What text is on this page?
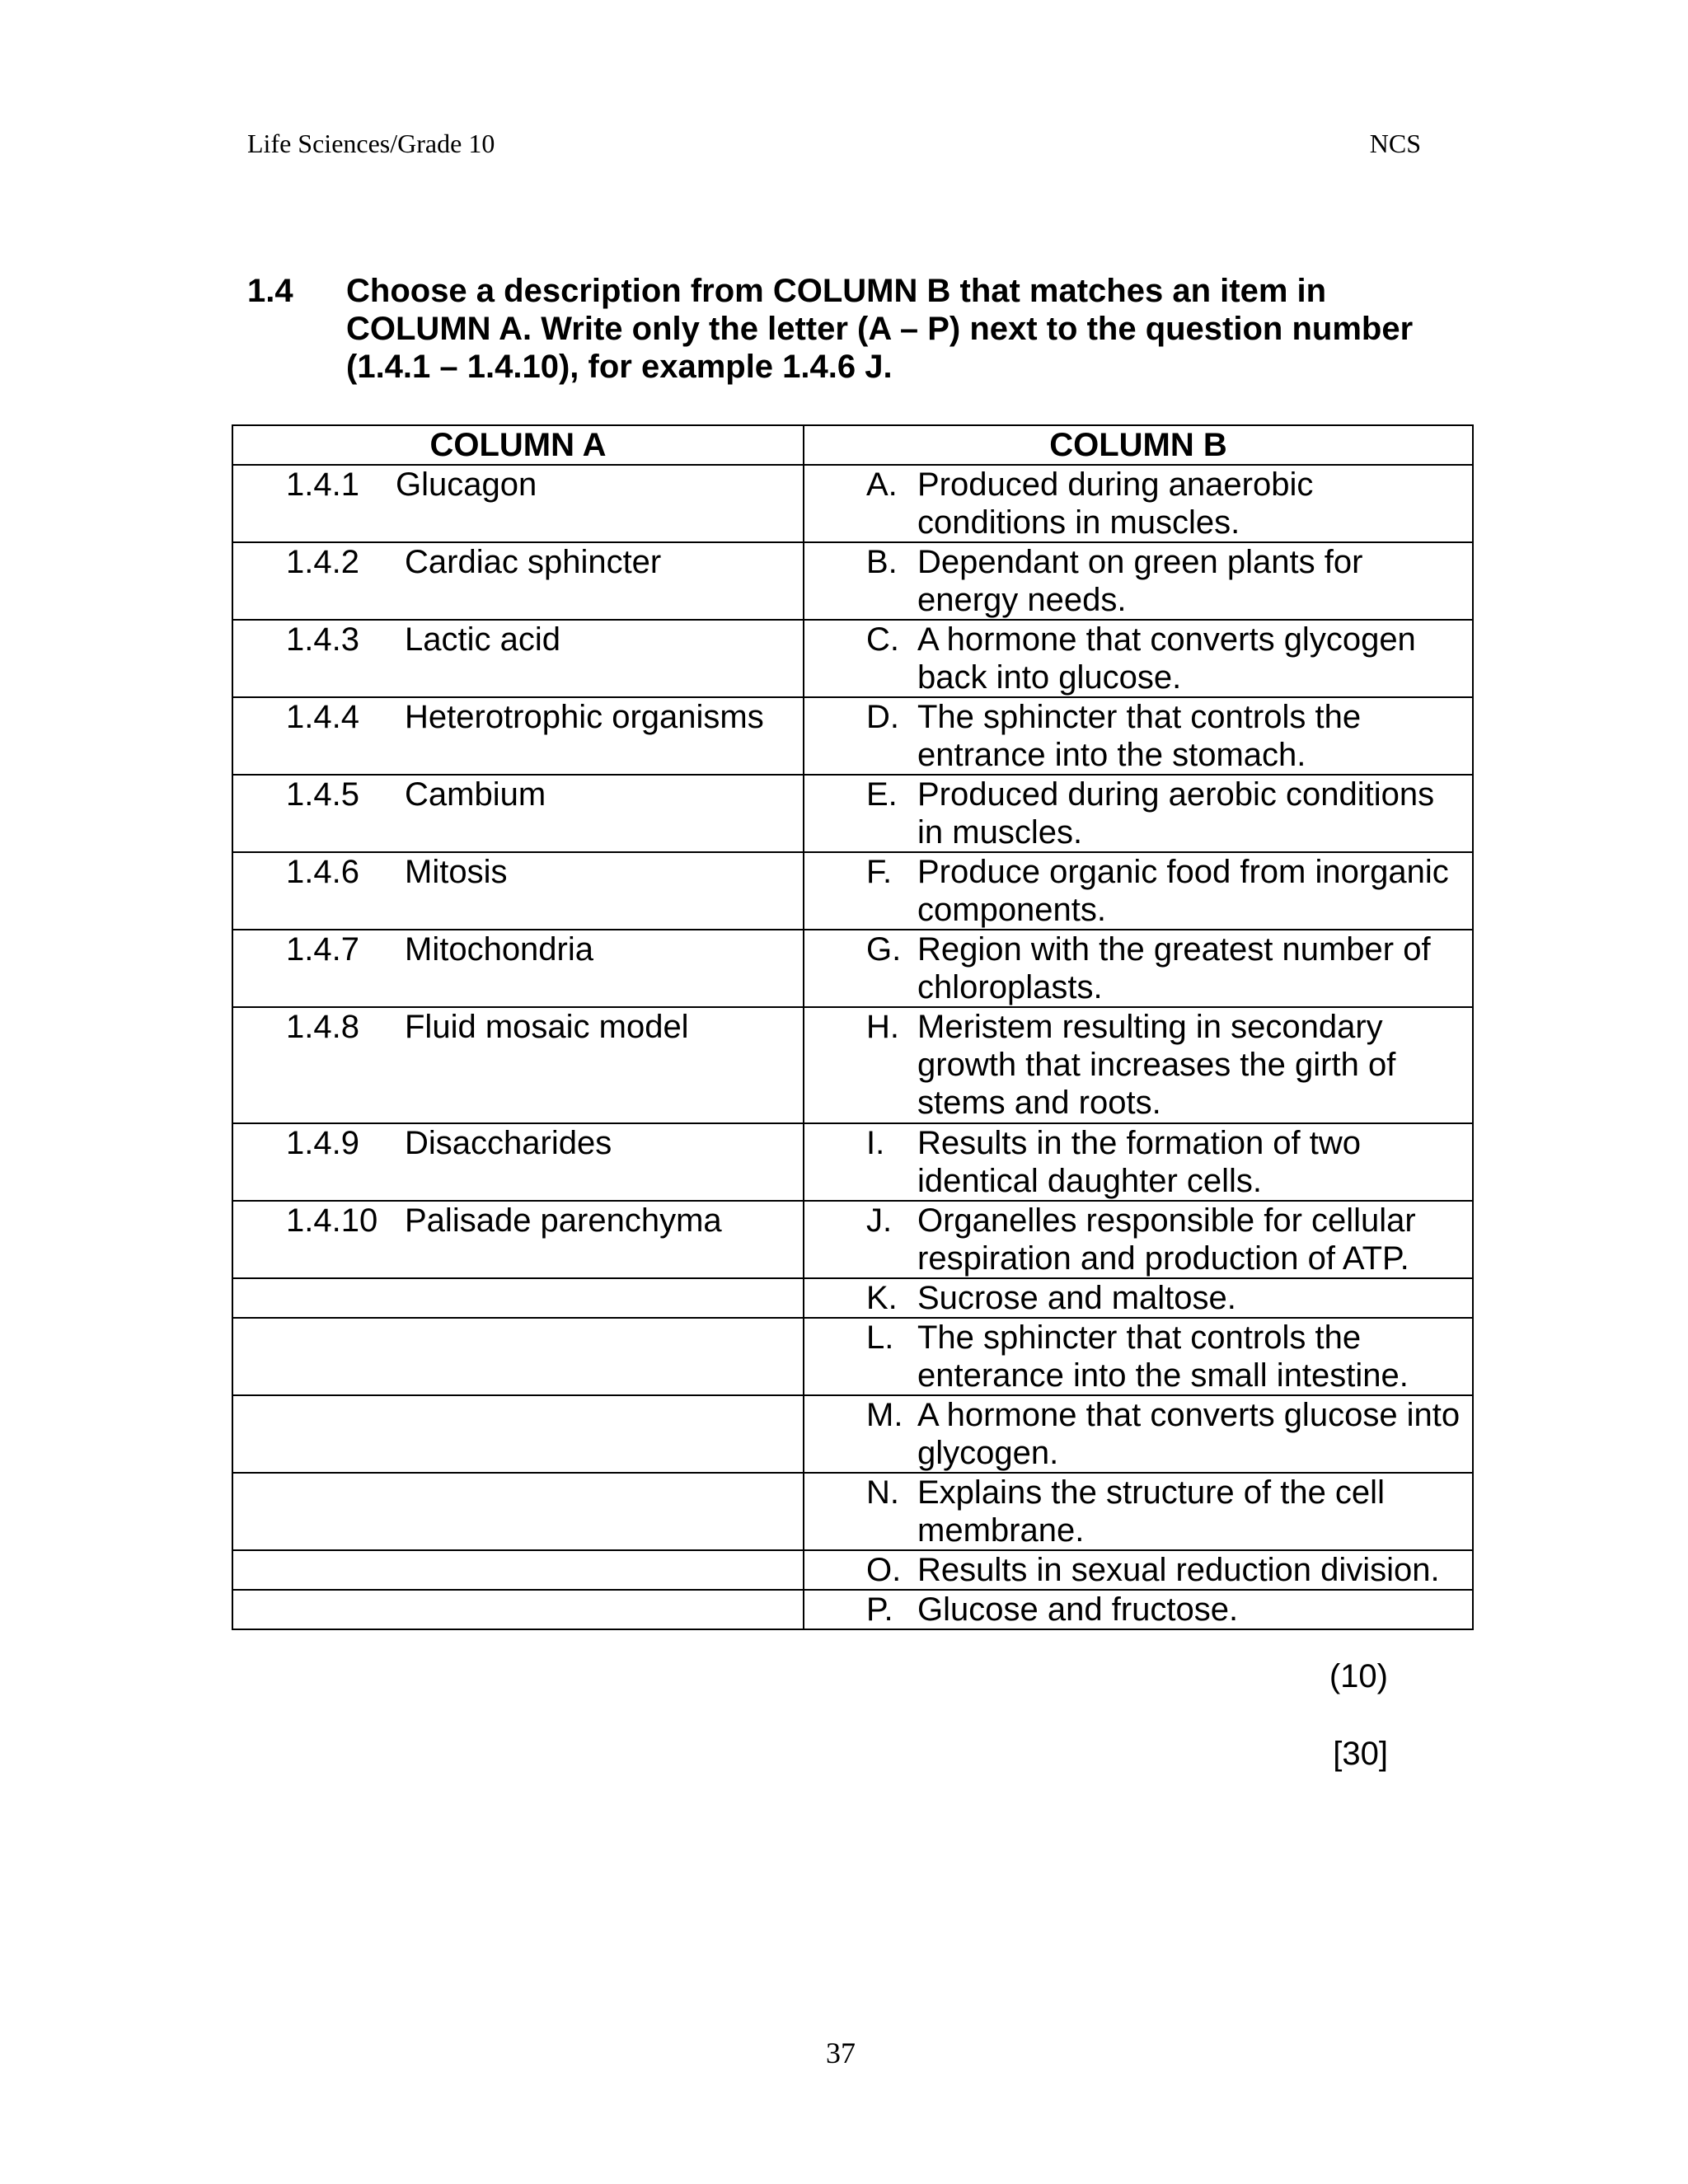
Life Sciences/Grade 10	NCS
1.4 Choose a description from COLUMN B that matches an item in
COLUMN A. Write only the letter (A – P) next to the question number
(1.4.1 – 1.4.10), for example 1.4.6 J.
COLUMN A	COLUMN B

1.4.1 Glucagon	A. Produced during anaerobic conditions in muscles.

1.4.2 Cardiac sphincter	B. Dependant on green plants for energy needs.

1.4.3 Lactic acid	C. A hormone that converts glycogen back into glucose.

1.4.4 Heterotrophic organisms	D. The sphincter that controls the entrance into the stomach.

1.4.5 Cambium	E. Produced during aerobic conditions in muscles.

1.4.6 Mitosis	F. Produce organic food from inorganic components.

1.4.7 Mitochondria	G. Region with the greatest number of chloroplasts.

1.4.8 Fluid mosaic model	H. Meristem resulting in secondary growth that increases the girth of stems and roots.

1.4.9 Disaccharides	I. Results in the formation of two identical daughter cells.

1.4.10 Palisade parenchyma	J. Organelles responsible for cellular respiration and production of ATP.

	K. Sucrose and maltose.

	L. The sphincter that controls the enterance into the small intestine.

	M. A hormone that converts glucose into glycogen.

	N. Explains the structure of the cell membrane.

	O. Results in sexual reduction division.

	P. Glucose and fructose.
(10)
[30]
37
